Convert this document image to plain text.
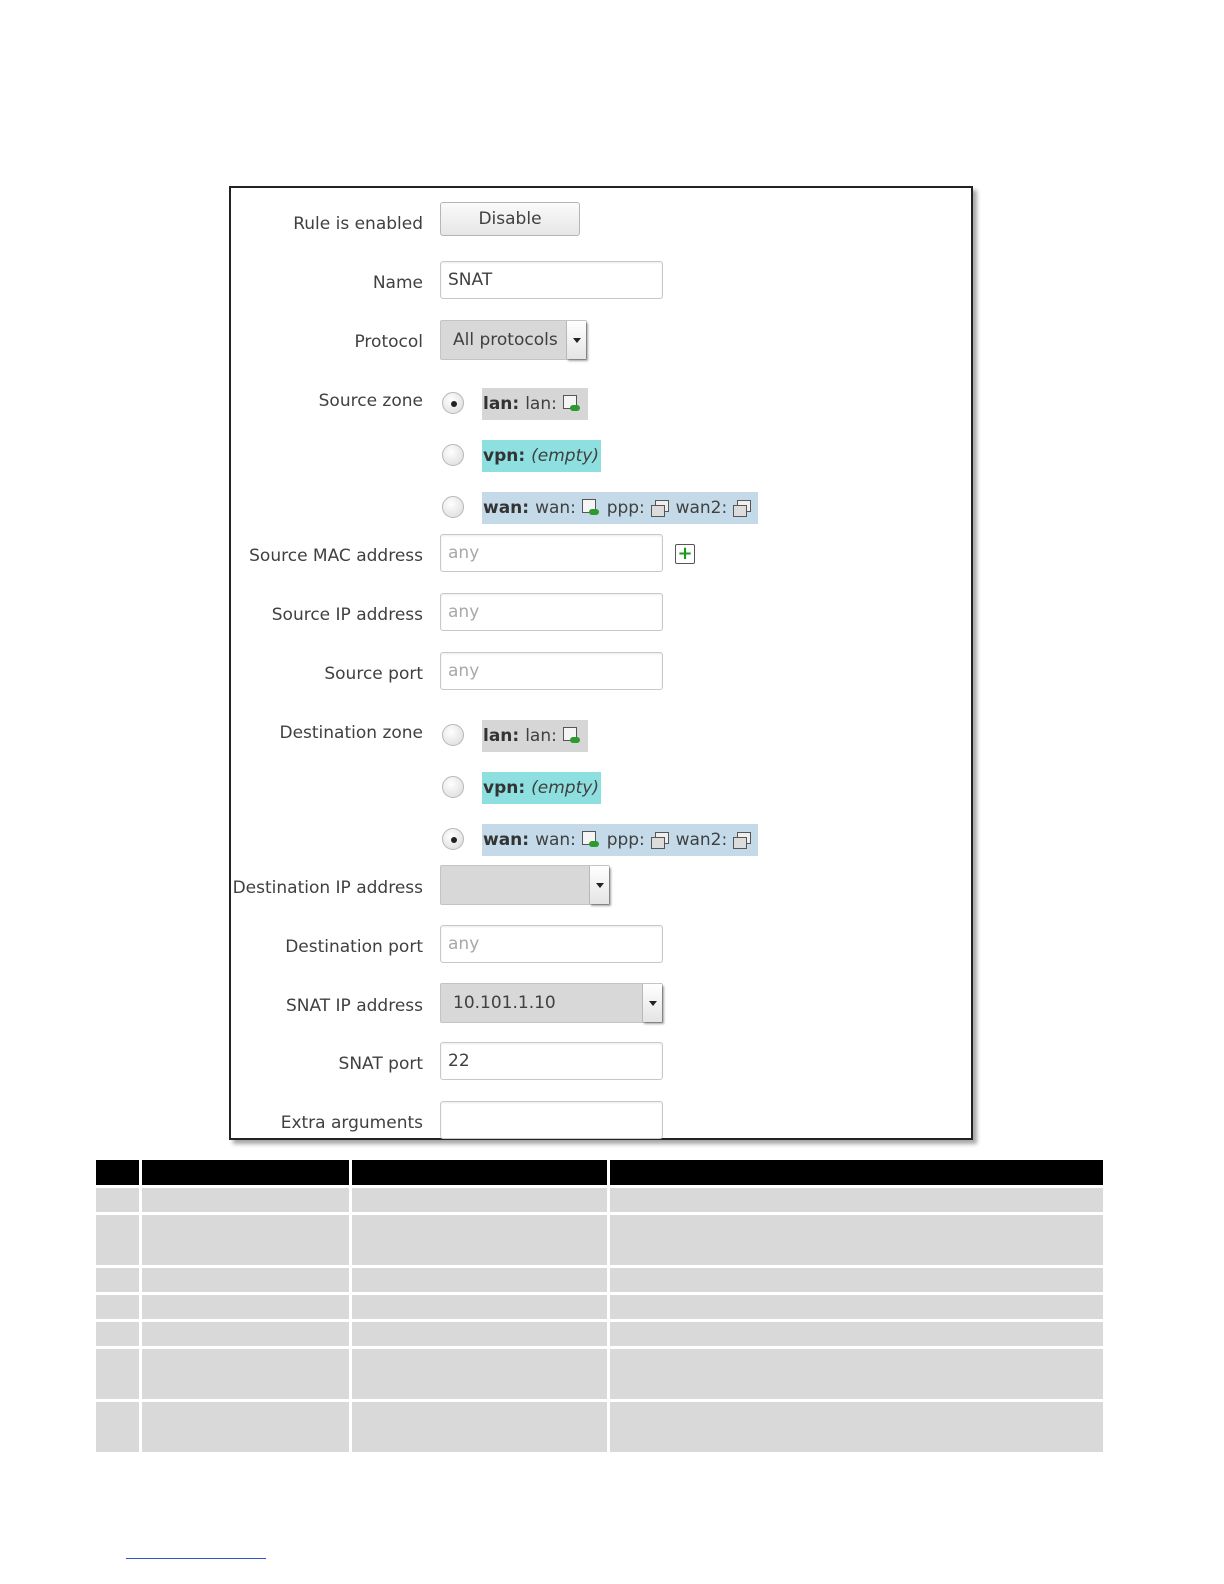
Rule is enabled	Disable
Name	SNAT
Protocol	All protocols
Source zone	lan: lan:
vpn: (empty)
wan: wan: ppp: wan2:
Source MAC address	any	+
Source IP address	any
Source port	any
Destination zone	lan: lan:
vpn: (empty)
wan: wan: ppp: wan2:
Destination IP address
Destination port	any
SNAT IP address	10.101.1.10
SNAT port	22
Extra arguments
